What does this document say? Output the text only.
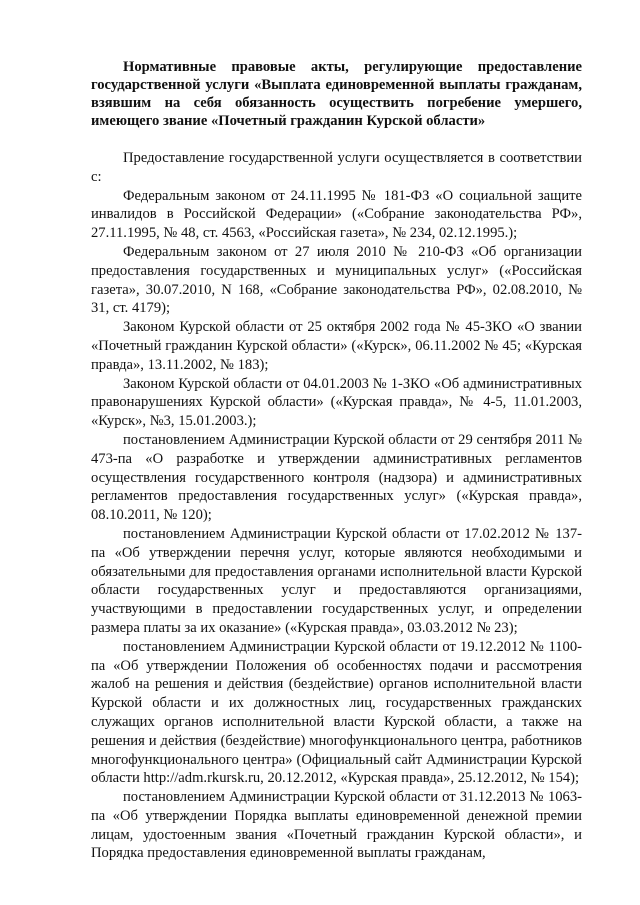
Нормативные правовые акты, регулирующие предоставление государственной услуги «Выплата единовременной выплаты гражданам, взявшим на себя обязанность осуществить погребение умершего, имеющего звание «Почетный гражданин Курской области»

Предоставление государственной услуги осуществляется в соответствии с:

Федеральным законом от 24.11.1995 № 181-ФЗ «О социальной защите инвалидов в Российской Федерации» («Собрание законодательства РФ», 27.11.1995, № 48, ст. 4563, «Российская газета», № 234, 02.12.1995.);

Федеральным законом от 27 июля 2010 № 210-ФЗ «Об организации предоставления государственных и муниципальных услуг» («Российская газета», 30.07.2010, N 168, «Собрание законодательства РФ», 02.08.2010, № 31, ст. 4179);

Законом Курской области от 25 октября 2002 года № 45-ЗКО «О звании «Почетный гражданин Курской области» («Курск», 06.11.2002 № 45; «Курская правда», 13.11.2002, № 183);

Законом Курской области от 04.01.2003 № 1-ЗКО «Об административных правонарушениях Курской области» («Курская правда», № 4-5, 11.01.2003, «Курск», №3, 15.01.2003.);

постановлением Администрации Курской области от 29 сентября 2011 № 473-па «О разработке и утверждении административных регламентов осуществления государственного контроля (надзора) и административных регламентов предоставления государственных услуг» («Курская правда», 08.10.2011, № 120);

постановлением Администрации Курской области от 17.02.2012 № 137-па «Об утверждении перечня услуг, которые являются необходимыми и обязательными для предоставления органами исполнительной власти Курской области государственных услуг и предоставляются организациями, участвующими в предоставлении государственных услуг, и определении размера платы за их оказание» («Курская правда», 03.03.2012 № 23);

постановлением Администрации Курской области от 19.12.2012 № 1100-па «Об утверждении Положения об особенностях подачи и рассмотрения жалоб на решения и действия (бездействие) органов исполнительной власти Курской области и их должностных лиц, государственных гражданских служащих органов исполнительной власти Курской области, а также на решения и действия (бездействие) многофункционального центра, работников многофункционального центра» (Официальный сайт Администрации Курской области http://adm.rkursk.ru, 20.12.2012, «Курская правда», 25.12.2012, № 154);

постановлением Администрации Курской области от 31.12.2013 № 1063-па «Об утверждении Порядка выплаты единовременной денежной премии лицам, удостоенным звания «Почетный гражданин Курской области», и Порядка предоставления единовременной выплаты гражданам,
